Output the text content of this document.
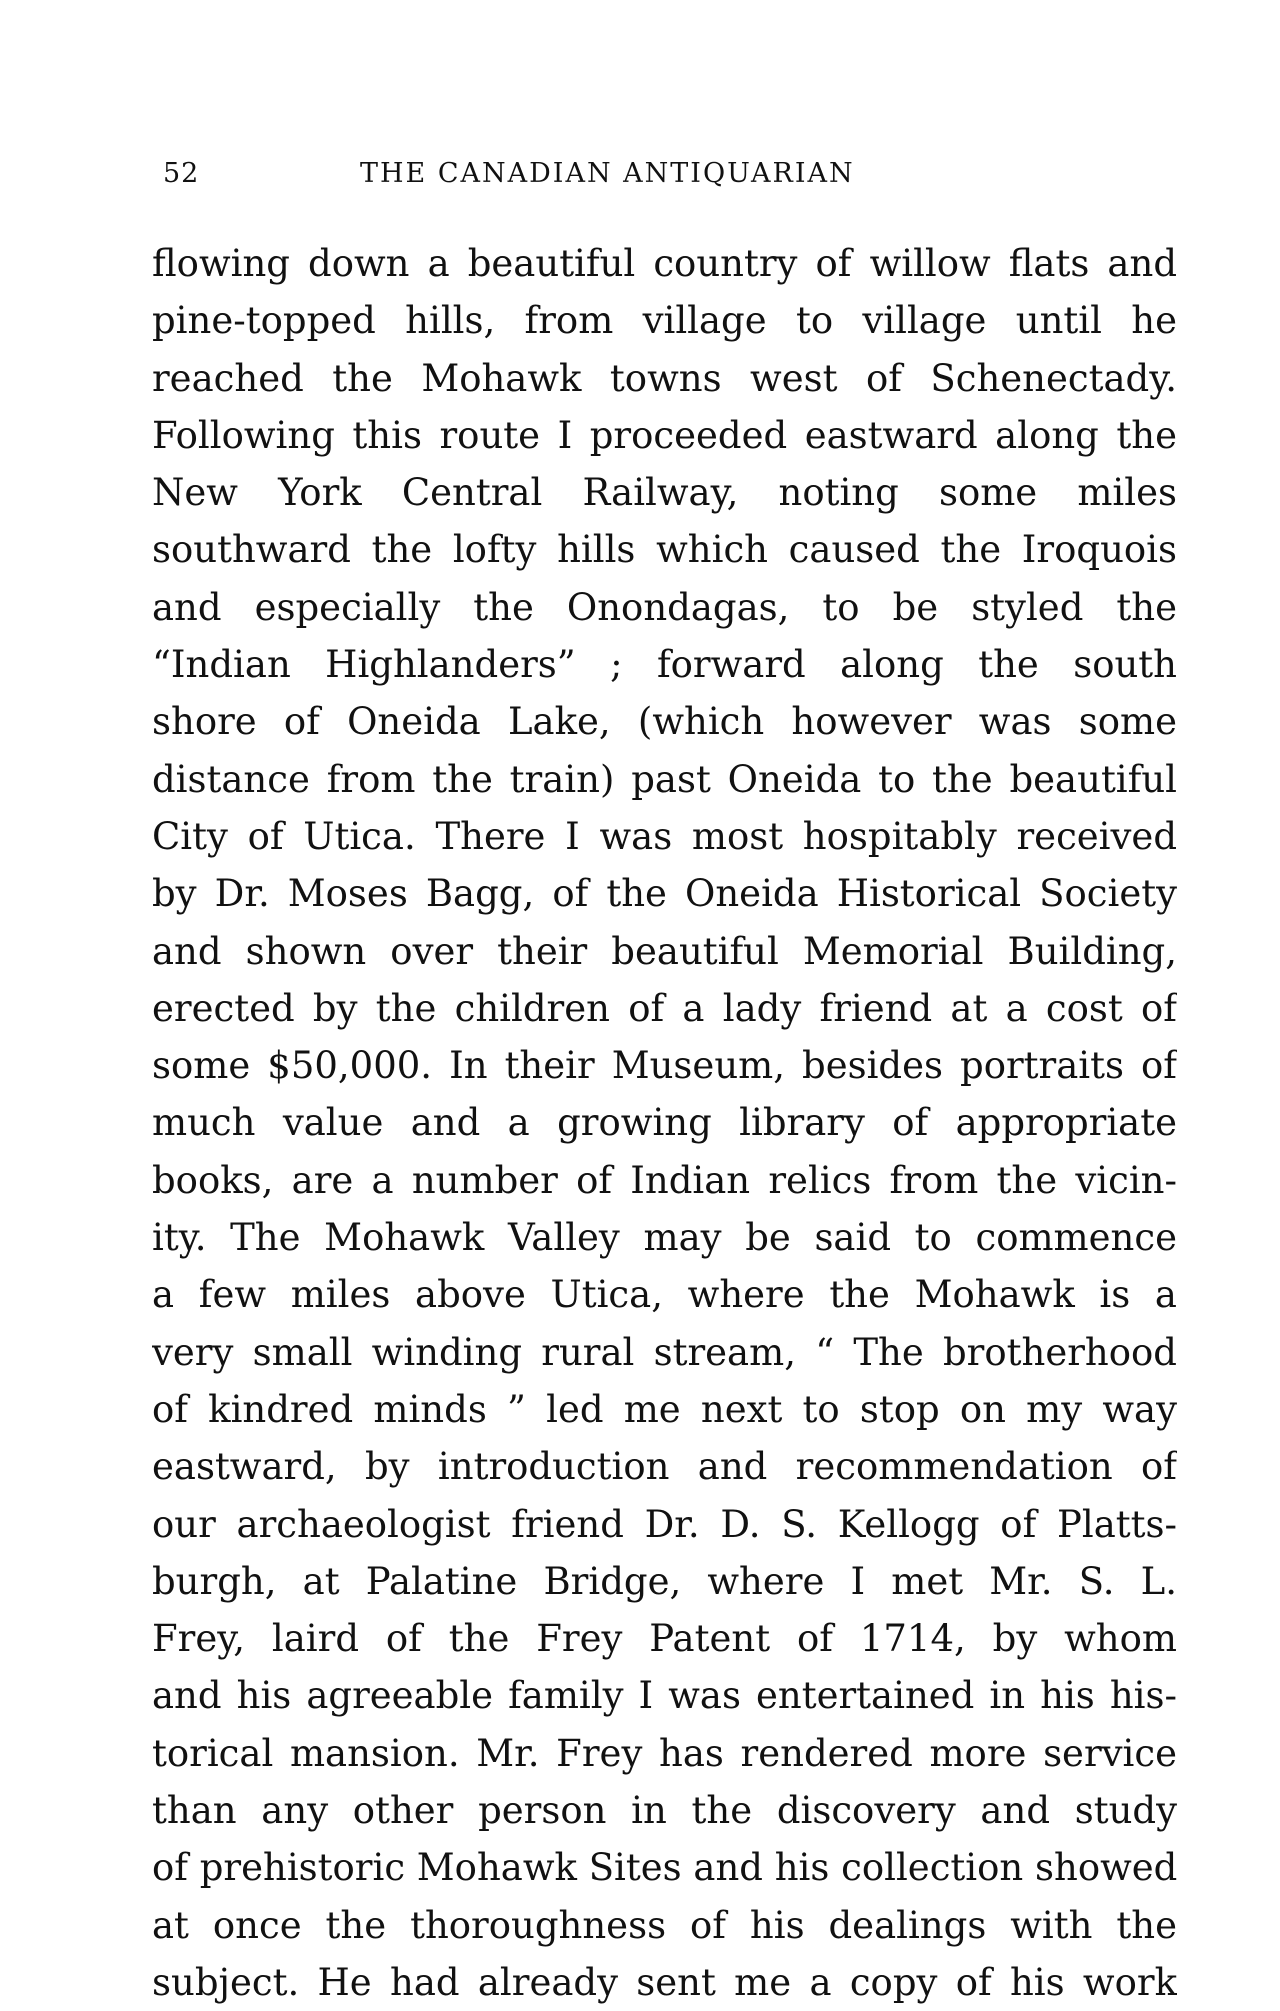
52	THE CANADIAN ANTIQUARIAN
flowing down a beautiful country of willow flats and
pine-topped hills, from village to village until he
reached the Mohawk towns west of Schenectady.
Following this route I proceeded eastward along the
New York Central Railway, noting some miles
southward the lofty hills which caused the Iroquois
and especially the Onondagas, to be styled the
“Indian Highlanders” ; forward along the south
shore of Oneida Lake, (which however was some
distance from the train) past Oneida to the beautiful
City of Utica. There I was most hospitably received
by Dr. Moses Bagg, of the Oneida Historical Society
and shown over their beautiful Memorial Building,
erected by the children of a lady friend at a cost of
some $50,000. In their Museum, besides portraits of
much value and a growing library of appropriate
books, are a number of Indian relics from the vicin-
ity. The Mohawk Valley may be said to commence
a few miles above Utica, where the Mohawk is a
very small winding rural stream, “ The brotherhood
of kindred minds ” led me next to stop on my way
eastward, by introduction and recommendation of
our archaeologist friend Dr. D. S. Kellogg of Platts-
burgh, at Palatine Bridge, where I met Mr. S. L.
Frey, laird of the Frey Patent of 1714, by whom
and his agreeable family I was entertained in his his-
torical mansion. Mr. Frey has rendered more service
than any other person in the discovery and study
of prehistoric Mohawk Sites and his collection showed
at once the thoroughness of his dealings with the
subject. He had already sent me a copy of his work
